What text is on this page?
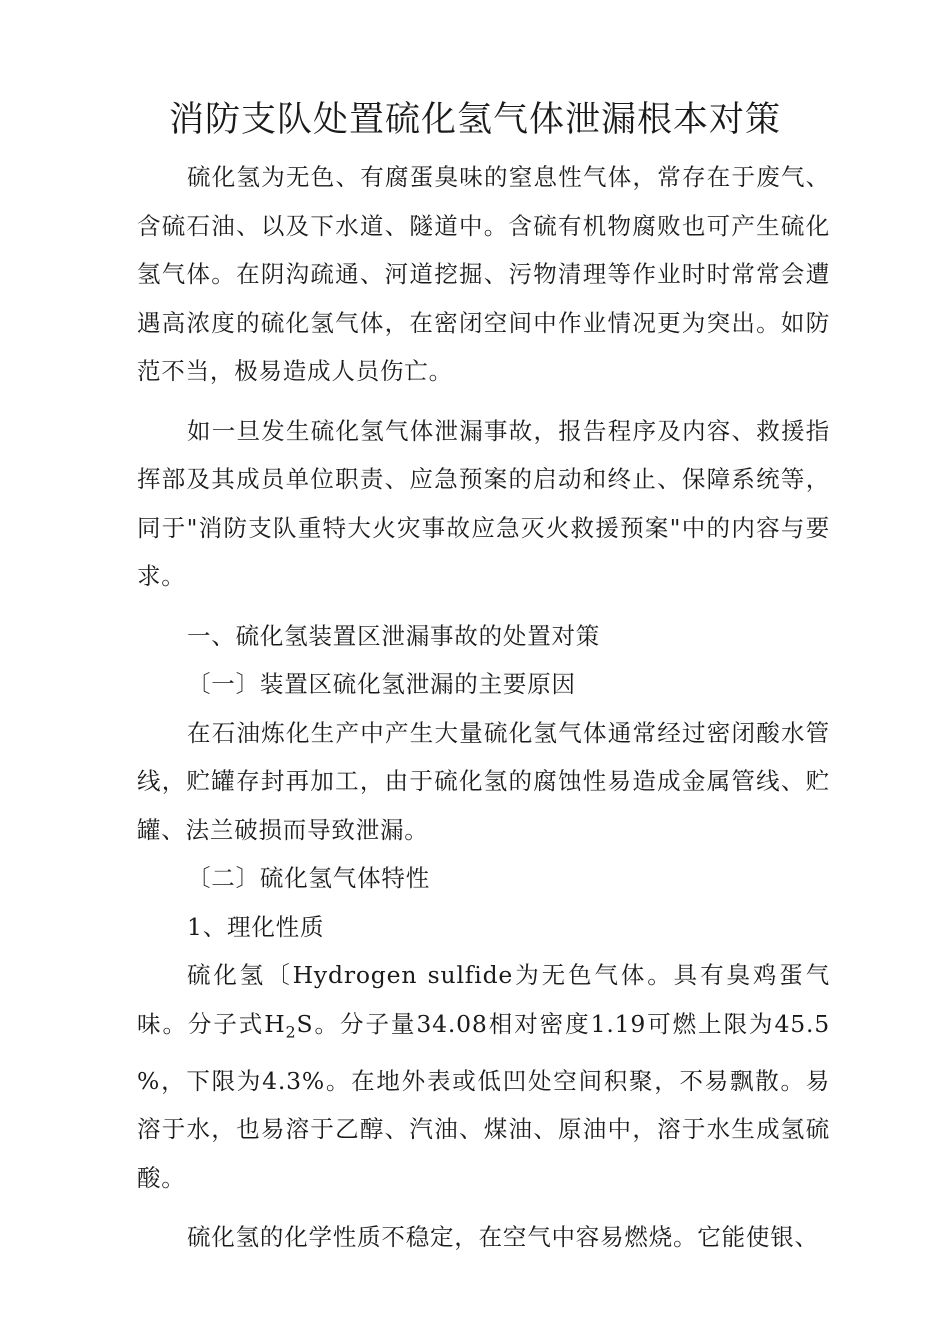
消防支队处置硫化氢气体泄漏根本对策

硫化氢为无色、有腐蛋臭味的窒息性气体，常存在于废气、含硫石油、以及下水道、隧道中。含硫有机物腐败也可产生硫化氢气体。在阴沟疏通、河道挖掘、污物清理等作业时时常常会遭遇高浓度的硫化氢气体，在密闭空间中作业情况更为突出。如防范不当，极易造成人员伤亡。

如一旦发生硫化氢气体泄漏事故，报告程序及内容、救援指挥部及其成员单位职责、应急预案的启动和终止、保障系统等，同于"消防支队重特大火灾事故应急灭火救援预案"中的内容与要求。

一、硫化氢装置区泄漏事故的处置对策

〔一〕装置区硫化氢泄漏的主要原因

在石油炼化生产中产生大量硫化氢气体通常经过密闭酸水管线，贮罐存封再加工，由于硫化氢的腐蚀性易造成金属管线、贮罐、法兰破损而导致泄漏。

〔二〕硫化氢气体特性

1、理化性质

硫化氢〔Hydrogen sulfide为无色气体。具有臭鸡蛋气味。分子式$H_2S$。分子量34.08相对密度1.19可燃上限为45.5 %，下限为4.3%。在地外表或低凹处空间积聚，不易飘散。易溶于水，也易溶于乙醇、汽油、煤油、原油中，溶于水生成氢硫酸。

硫化氢的化学性质不稳定，在空气中容易燃烧。它能使银、
